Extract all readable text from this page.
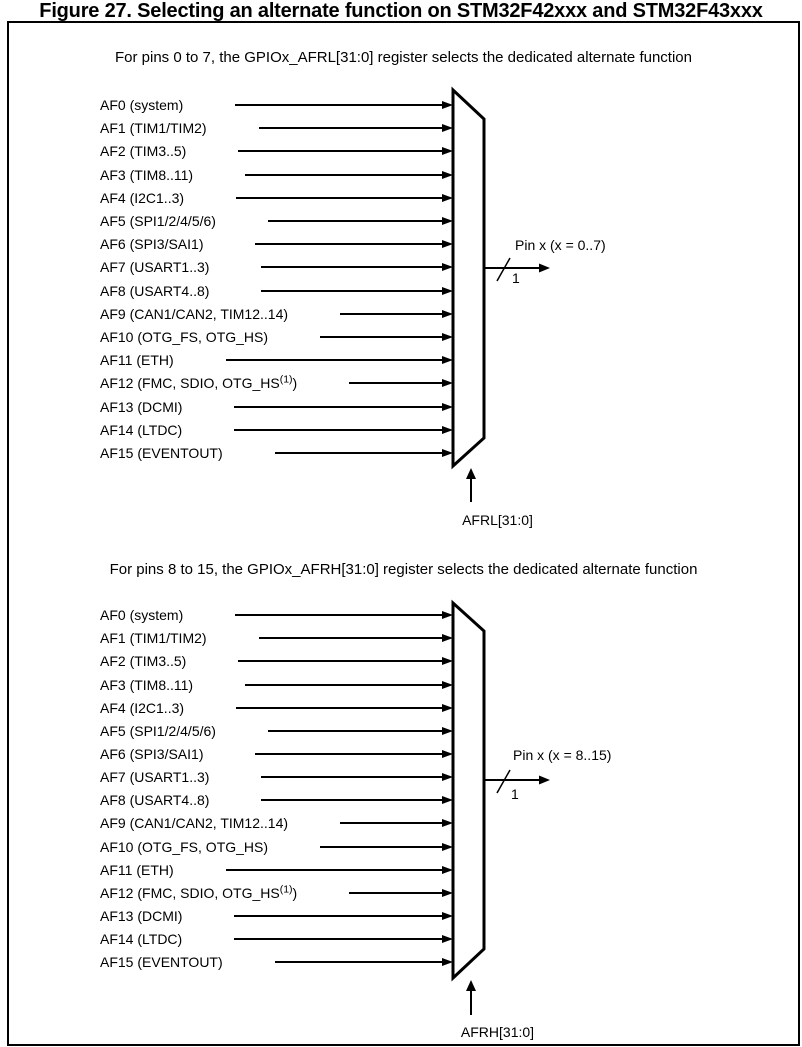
Figure 27. Selecting an alternate function on STM32F42xxx and STM32F43xxx
For pins 0 to 7, the GPIOx_AFRL[31:0] register selects the dedicated alternate function
For pins 8 to 15, the GPIOx_AFRH[31:0] register selects the dedicated alternate function
AF0 (system)
AF1 (TIM1/TIM2)
AF2 (TIM3..5)
AF3 (TIM8..11)
AF4 (I2C1..3)
AF5 (SPI1/2/4/5/6)
AF6 (SPI3/SAI1)
AF7 (USART1..3)
AF8 (USART4..8)
AF9 (CAN1/CAN2, TIM12..14)
AF10 (OTG_FS, OTG_HS)
AF11 (ETH)
AF12 (FMC, SDIO, OTG_HS$^{(1)}$)
AF13 (DCMI)
AF14 (LTDC)
AF15 (EVENTOUT)
AF0 (system)
AF1 (TIM1/TIM2)
AF2 (TIM3..5)
AF3 (TIM8..11)
AF4 (I2C1..3)
AF5 (SPI1/2/4/5/6)
AF6 (SPI3/SAI1)
AF7 (USART1..3)
AF8 (USART4..8)
AF9 (CAN1/CAN2, TIM12..14)
AF10 (OTG_FS, OTG_HS)
AF11 (ETH)
AF12 (FMC, SDIO, OTG_HS$^{(1)}$)
AF13 (DCMI)
AF14 (LTDC)
AF15 (EVENTOUT)
Pin x (x = 0..7)
1
AFRL[31:0]
Pin x (x = 8..15)
1
AFRH[31:0]
